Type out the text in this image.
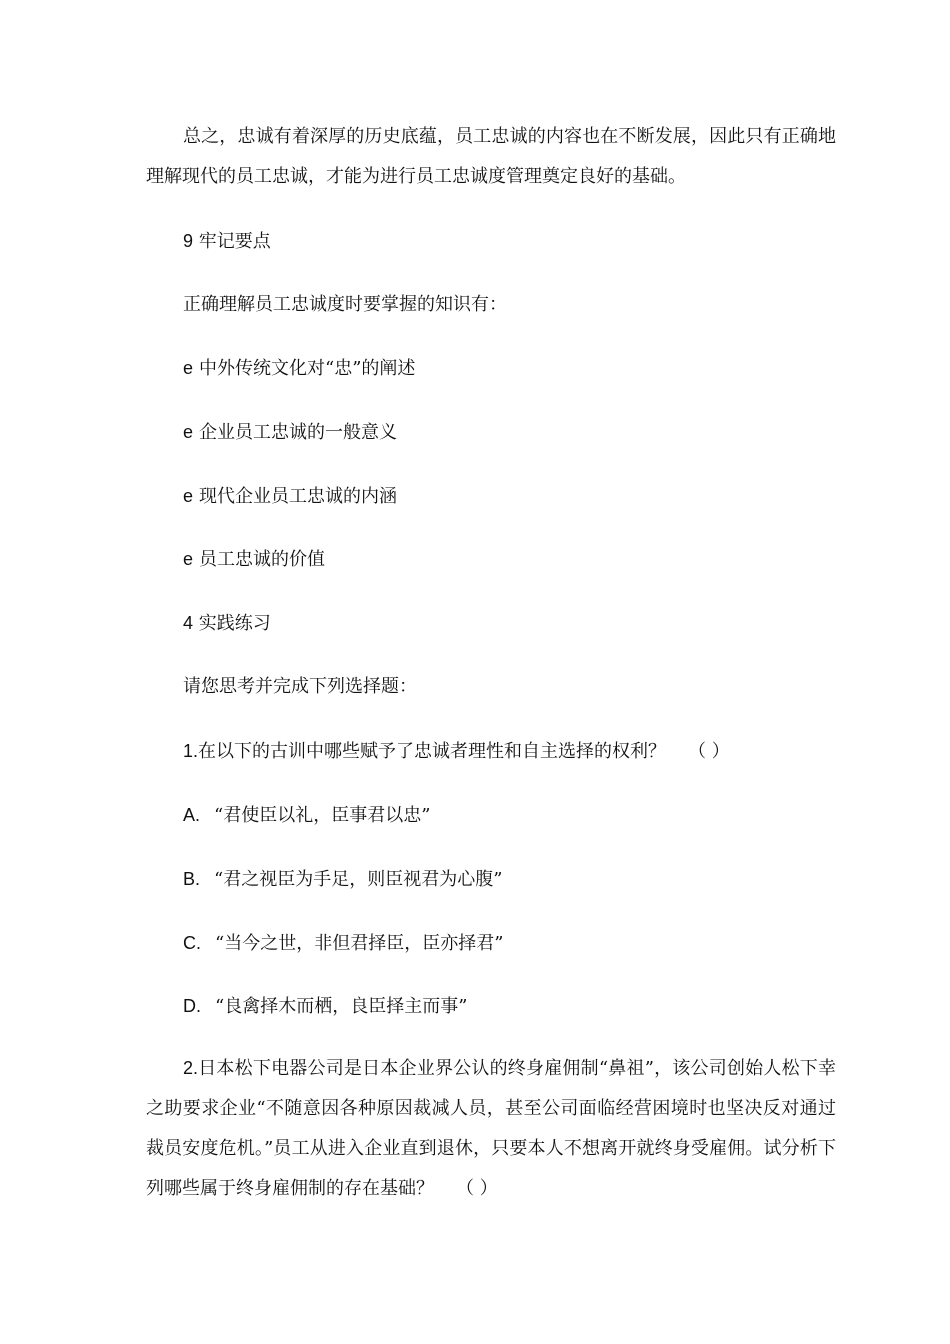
总之，忠诚有着深厚的历史底蕴，员工忠诚的内容也在不断发展，因此只有正确地理解现代的员工忠诚，才能为进行员工忠诚度管理奠定良好的基础。
9 牢记要点
正确理解员工忠诚度时要掌握的知识有：
e 中外传统文化对“忠”的阐述
e 企业员工忠诚的一般意义
e 现代企业员工忠诚的内涵
e 员工忠诚的价值
4 实践练习
请您思考并完成下列选择题：
1.在以下的古训中哪些赋予了忠诚者理性和自主选择的权利？ （ ）
A. “君使臣以礼，臣事君以忠”
B. “君之视臣为手足，则臣视君为心腹”
C. “当今之世，非但君择臣，臣亦择君”
D. “良禽择木而栖，良臣择主而事”
2.日本松下电器公司是日本企业界公认的终身雇佣制“鼻祖”，该公司创始人松下幸之助要求企业“不随意因各种原因裁减人员，甚至公司面临经营困境时也坚决反对通过裁员安度危机。”员工从进入企业直到退休，只要本人不想离开就终身受雇佣。试分析下列哪些属于终身雇佣制的存在基础？ （ ）
